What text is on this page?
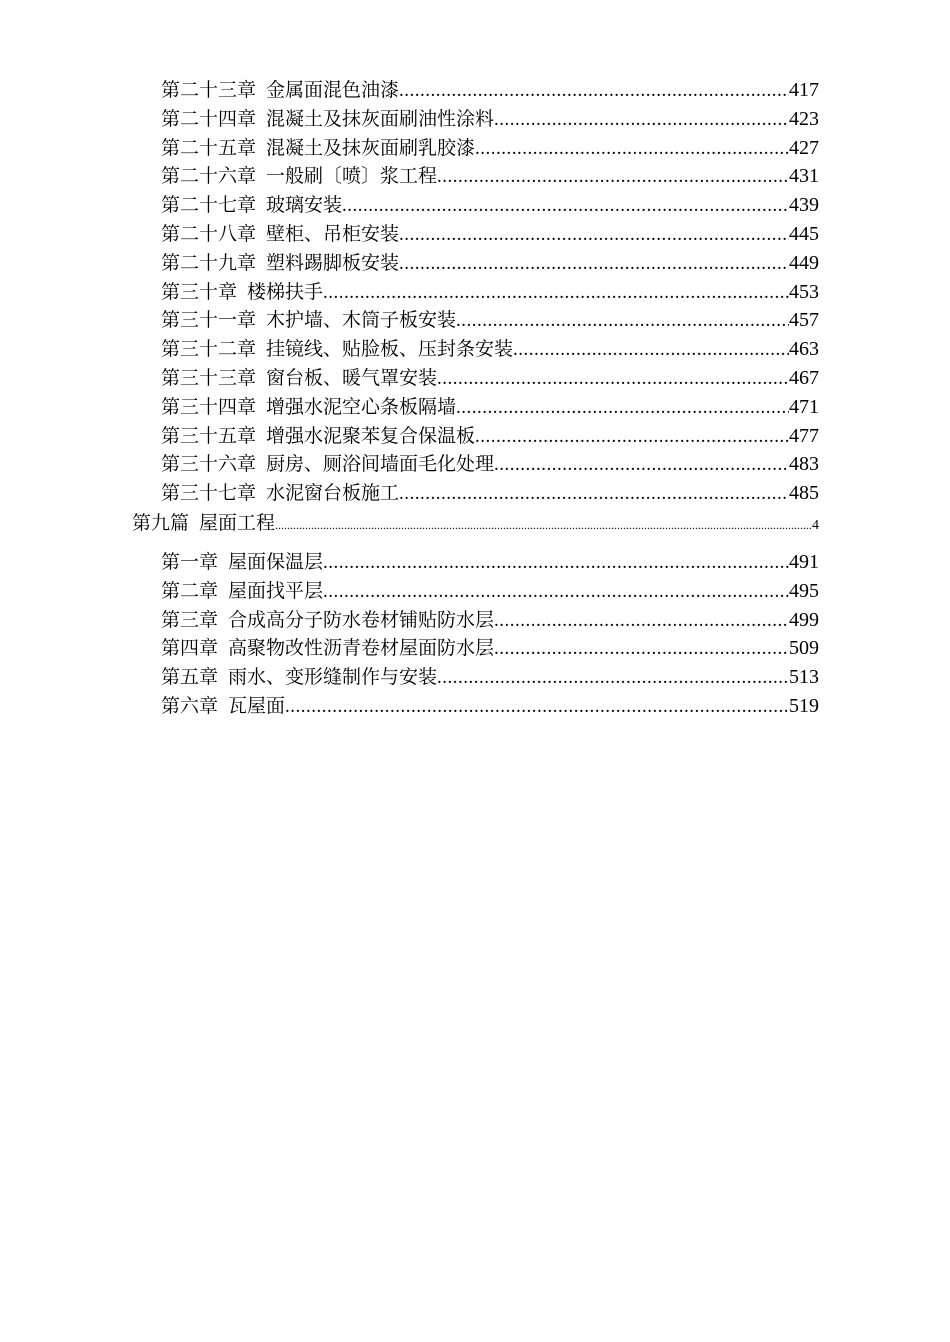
第二十三章 金属面混色油漆 .....	417
第二十四章 混凝土及抹灰面刷油性涂料 .....	423
第二十五章 混凝土及抹灰面刷乳胶漆 .....	427
第二十六章 一般刷〔喷〕浆工程 .....	431
第二十七章 玻璃安装 .....	439
第二十八章 壁柜、吊柜安装 .....	445
第二十九章 塑料踢脚板安装 .....	449
第三十章 楼梯扶手 .....	453
第三十一章 木护墙、木筒子板安装 .....	457
第三十二章 挂镜线、贴脸板、压封条安装 .....	463
第三十三章 窗台板、暖气罩安装 .....	467
第三十四章 增强水泥空心条板隔墙 .....	471
第三十五章 增强水泥聚苯复合保温板 .....	477
第三十六章 厨房、厕浴间墙面毛化处理 .....	483
第三十七章 水泥窗台板施工 .....	485
第九篇 屋面工程 .....	4
第一章 屋面保温层 .....	491
第二章 屋面找平层 .....	495
第三章 合成高分子防水卷材铺贴防水层 .....	499
第四章 高聚物改性沥青卷材屋面防水层 .....	509
第五章 雨水、变形缝制作与安装 .....	513
第六章 瓦屋面 .....	519
